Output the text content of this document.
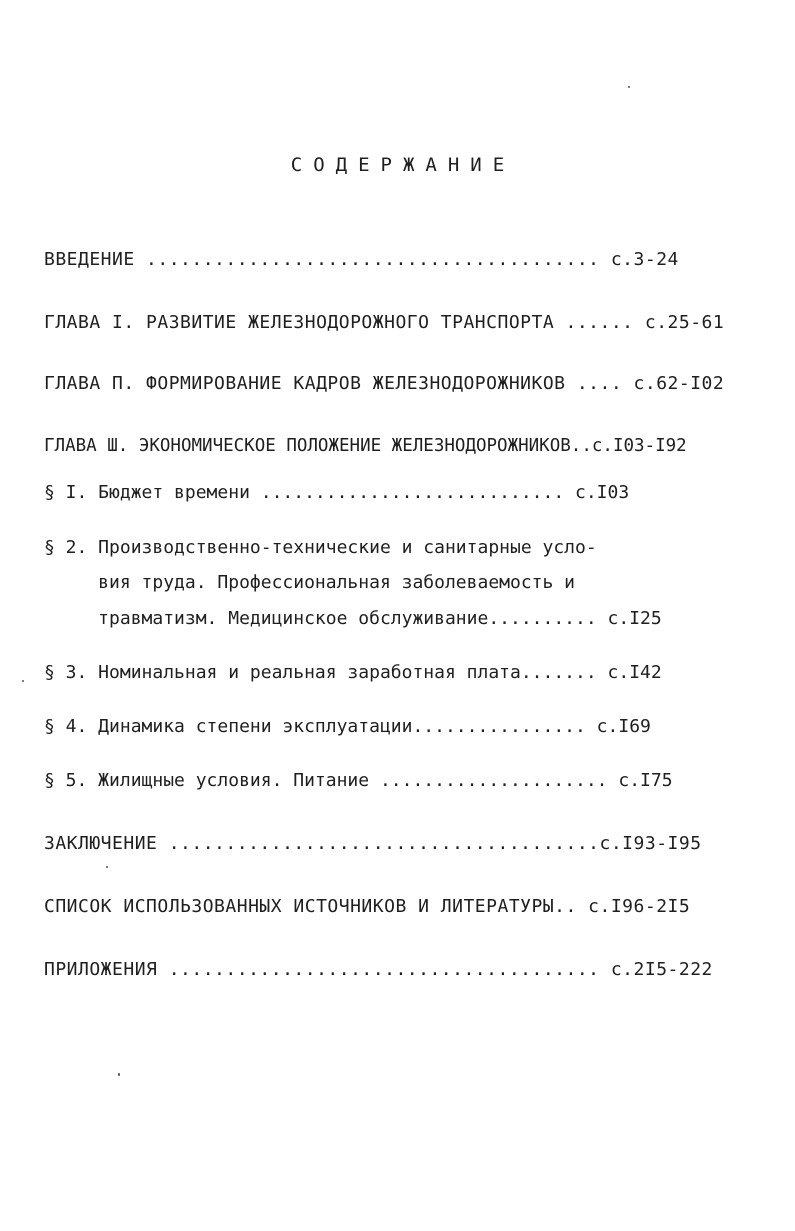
СОДЕРЖАНИЕ
ВВЕДЕНИЕ ........................................ с.3-24
ГЛАВА I. РАЗВИТИЕ ЖЕЛЕЗНОДОРОЖНОГО ТРАНСПОРТА ...... с.25-61
ГЛАВА П. ФОРМИРОВАНИЕ КАДРОВ ЖЕЛЕЗНОДОРОЖНИКОВ .... с.62-I02
ГЛАВА Ш. ЭКОНОМИЧЕСКОЕ ПОЛОЖЕНИЕ ЖЕЛЕЗНОДОРОЖНИКОВ..с.I03-I92
§ I. Бюджет времени ............................ с.I03
§ 2. Производственно-технические и санитарные усло-
вия труда. Профессиональная заболеваемость и
травматизм. Медицинское обслуживание.......... с.I25
§ 3. Номинальная и реальная заработная плата....... с.I42
§ 4. Динамика степени эксплуатации................ с.I69
§ 5. Жилищные условия. Питание ..................... с.I75
ЗАКЛЮЧЕНИЕ ......................................с.I93-I95
СПИСОК ИСПОЛЬЗОВАННЫХ ИСТОЧНИКОВ И ЛИТЕРАТУРЫ.. с.I96-2I5
ПРИЛОЖЕНИЯ ...................................... с.2I5-222
